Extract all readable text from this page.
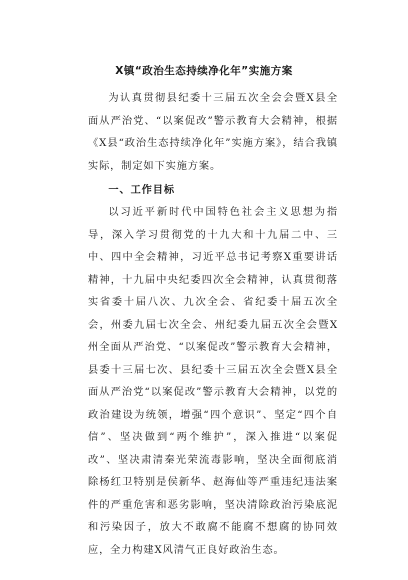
X镇“政治生态持续净化年”实施方案

为认真贯彻县纪委十三届五次全会会暨X县全面从严治党、“以案促改”警示教育大会精神，根据《X县“政治生态持续净化年”实施方案》，结合我镇实际，制定如下实施方案。

一、工作目标

以习近平新时代中国特色社会主义思想为指导，深入学习贯彻党的十九大和十九届二中、三中、四中全会精神，习近平总书记考察X重要讲话精神，十九届中央纪委四次全会精神，认真贯彻落实省委十届八次、九次全会、省纪委十届五次全会，州委九届七次全会、州纪委九届五次全会暨X州全面从严治党、“以案促改”警示教育大会精神，县委十三届七次、县纪委十三届五次全会暨X县全面从严治党“以案促改”警示教育大会精神，以党的政治建设为统领，增强“四个意识”、坚定“四个自信”、坚决做到“两个维护”，深入推进“以案促改”、坚决肃清秦光荣流毒影响，坚决全面彻底消除杨红卫特别是侯新华、赵海仙等严重违纪违法案件的严重危害和恶劣影响，坚决清除政治污染底泥和污染因子，放大不敢腐不能腐不想腐的协同效应，全力构建X风清气正良好政治生态。
